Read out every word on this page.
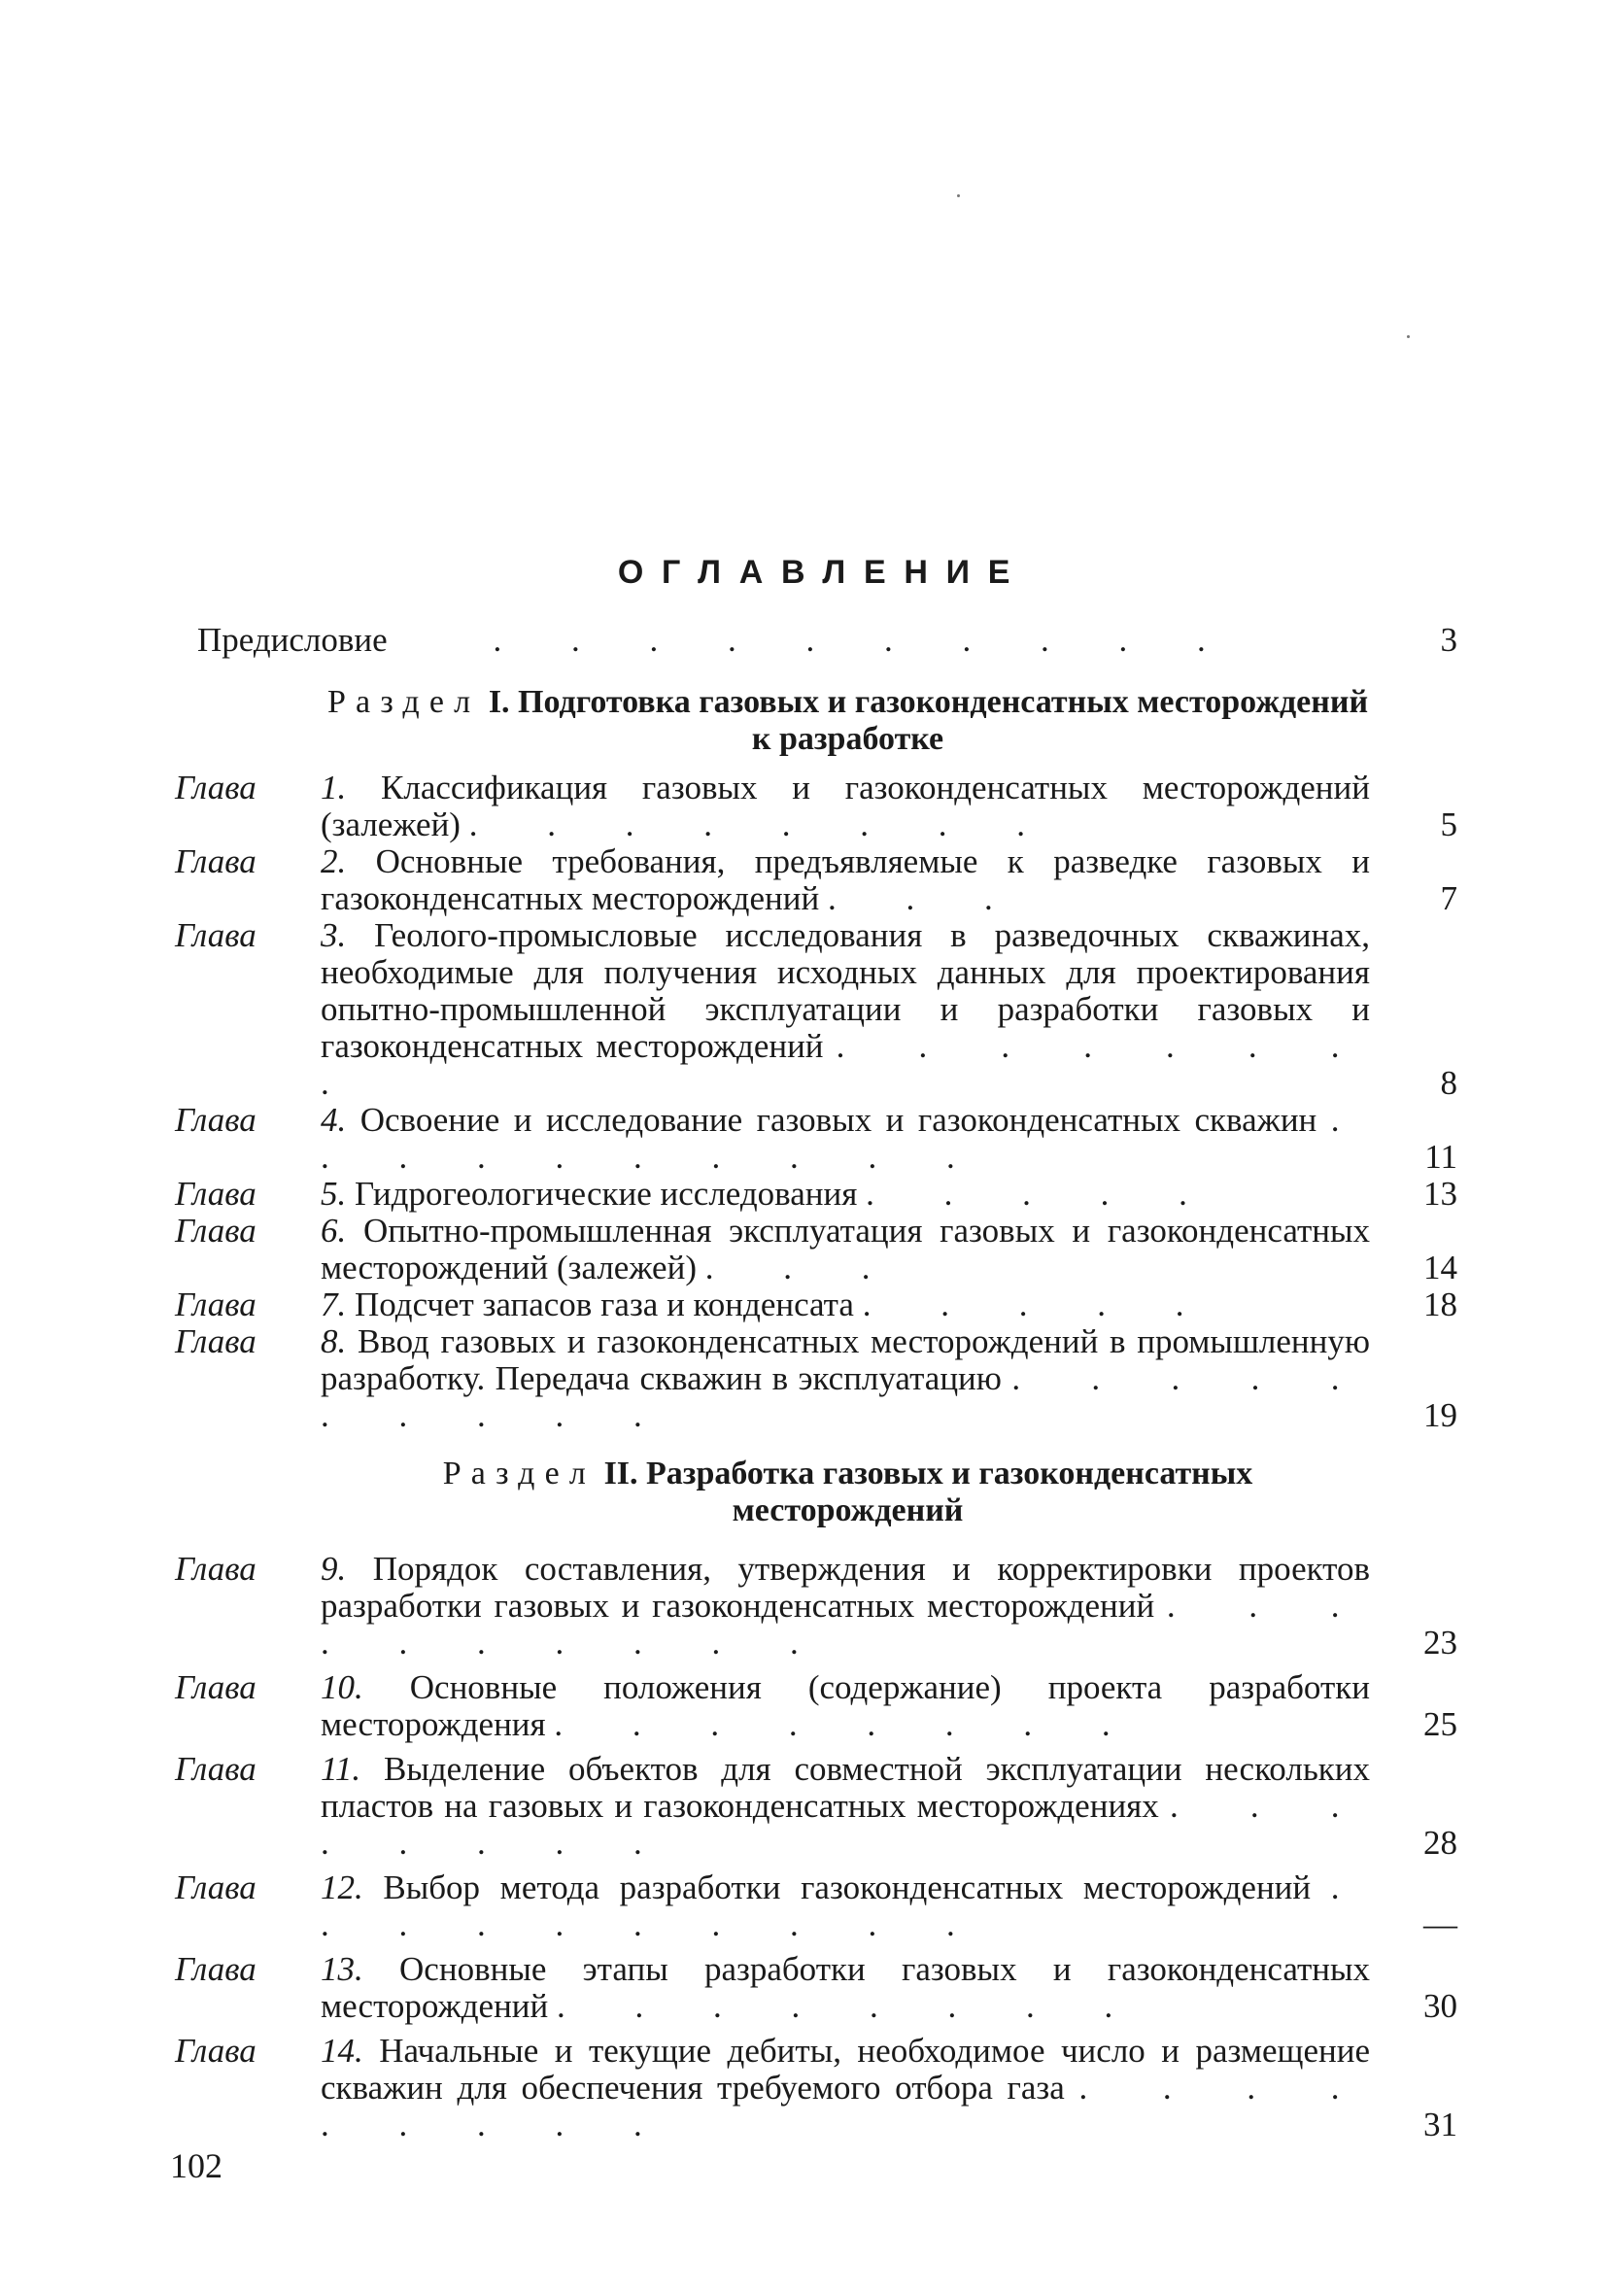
ОГЛАВЛЕНИЕ
Предисловие	. . . . . . . . . .	3
Раздел I. Подготовка газовых и газоконденсатных месторождений к разработке
Глава	1. Классификация газовых и газоконденсатных месторождений (залежей) . . . . . . . .	5
Глава	2. Основные требования, предъявляемые к разведке газовых и газоконденсатных месторождений . . .	7
Глава	3. Геолого-промысловые исследования в разведочных скважинах, необходимые для получения исходных данных для проектирования опытно-промышленной эксплуатации и разработки газовых и газоконденсатных месторождений . . . . . . . .	8
Глава	4. Освоение и исследование газовых и газоконденсатных скважин . . . . . . . . . .	11
Глава	5. Гидрогеологические исследования . . . . .	13
Глава	6. Опытно-промышленная эксплуатация газовых и газоконденсатных месторождений (залежей) . . .	14
Глава	7. Подсчет запасов газа и конденсата . . . . .	18
Глава	8. Ввод газовых и газоконденсатных месторождений в промышленную разработку. Передача скважин в эксплуатацию . . . . . . . . . .	19
Раздел II. Разработка газовых и газоконденсатных месторождений
Глава	9. Порядок составления, утверждения и корректировки проектов разработки газовых и газоконденсатных месторождений . . . . . . . . . .	23
Глава	10. Основные положения (содержание) проекта разработки месторождения . . . . . . . .	25
Глава	11. Выделение объектов для совместной эксплуатации нескольких пластов на газовых и газоконденсатных месторождениях . . . . . . . .	28
Глава	12. Выбор метода разработки газоконденсатных месторождений . . . . . . . . . .	—
Глава	13. Основные этапы разработки газовых и газоконденсатных месторождений . . . . . . . .	30
Глава	14. Начальные и текущие дебиты, необходимое число и размещение скважин для обеспечения требуемого отбора газа . . . . . . . . .	31
102
